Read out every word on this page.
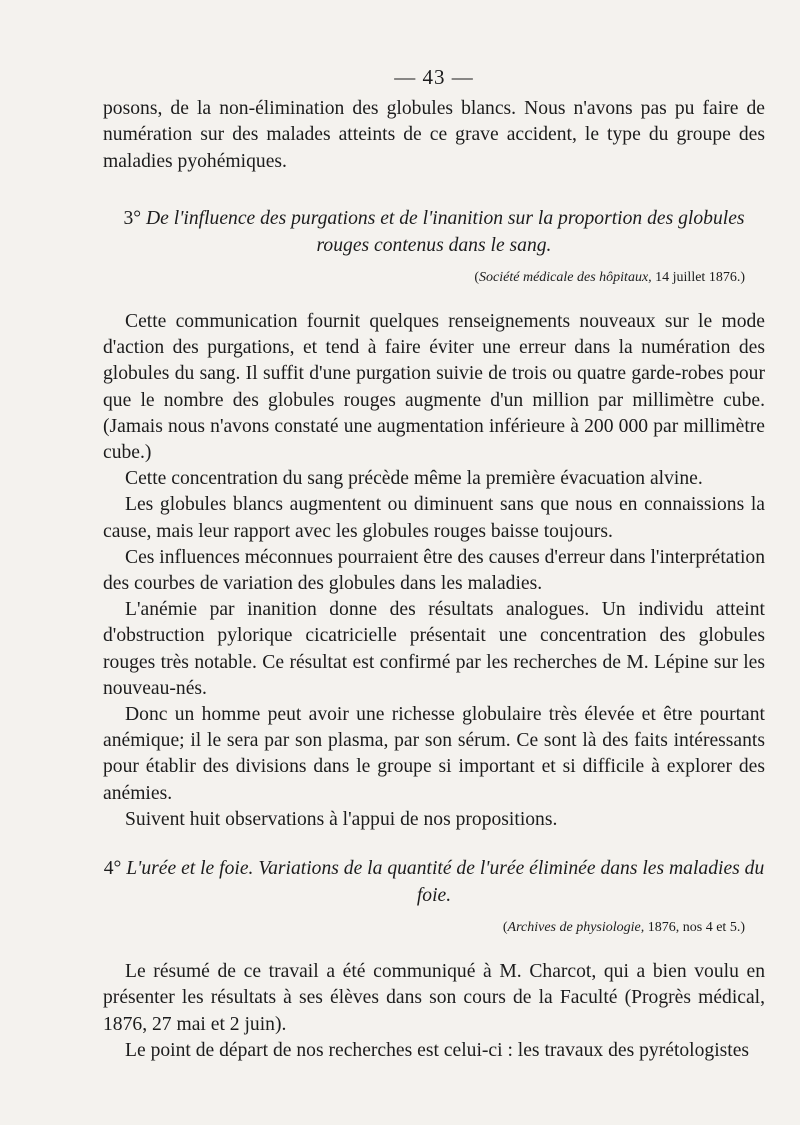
— 43 —

posons, de la non-élimination des globules blancs. Nous n'avons pas pu faire de numération sur des malades atteints de ce grave accident, le type du groupe des maladies pyohémiques.

3° De l'influence des purgations et de l'inanition sur la proportion des globules rouges contenus dans le sang.
(Société médicale des hôpitaux, 14 juillet 1876.)

Cette communication fournit quelques renseignements nouveaux sur le mode d'action des purgations, et tend à faire éviter une erreur dans la numération des globules du sang. Il suffit d'une purgation suivie de trois ou quatre garde-robes pour que le nombre des globules rouges augmente d'un million par millimètre cube. (Jamais nous n'avons constaté une augmentation inférieure à 200 000 par millimètre cube.)

Cette concentration du sang précède même la première évacuation alvine.

Les globules blancs augmentent ou diminuent sans que nous en connaissions la cause, mais leur rapport avec les globules rouges baisse toujours.

Ces influences méconnues pourraient être des causes d'erreur dans l'interprétation des courbes de variation des globules dans les maladies.

L'anémie par inanition donne des résultats analogues. Un individu atteint d'obstruction pylorique cicatricielle présentait une concentration des globules rouges très notable. Ce résultat est confirmé par les recherches de M. Lépine sur les nouveau-nés.

Donc un homme peut avoir une richesse globulaire très élevée et être pourtant anémique; il le sera par son plasma, par son sérum. Ce sont là des faits intéressants pour établir des divisions dans le groupe si important et si difficile à explorer des anémies.

Suivent huit observations à l'appui de nos propositions.

4° L'urée et le foie. Variations de la quantité de l'urée éliminée dans les maladies du foie.
(Archives de physiologie, 1876, nos 4 et 5.)

Le résumé de ce travail a été communiqué à M. Charcot, qui a bien voulu en présenter les résultats à ses élèves dans son cours de la Faculté (Progrès médical, 1876, 27 mai et 2 juin).

Le point de départ de nos recherches est celui-ci : les travaux des pyrétologistes
